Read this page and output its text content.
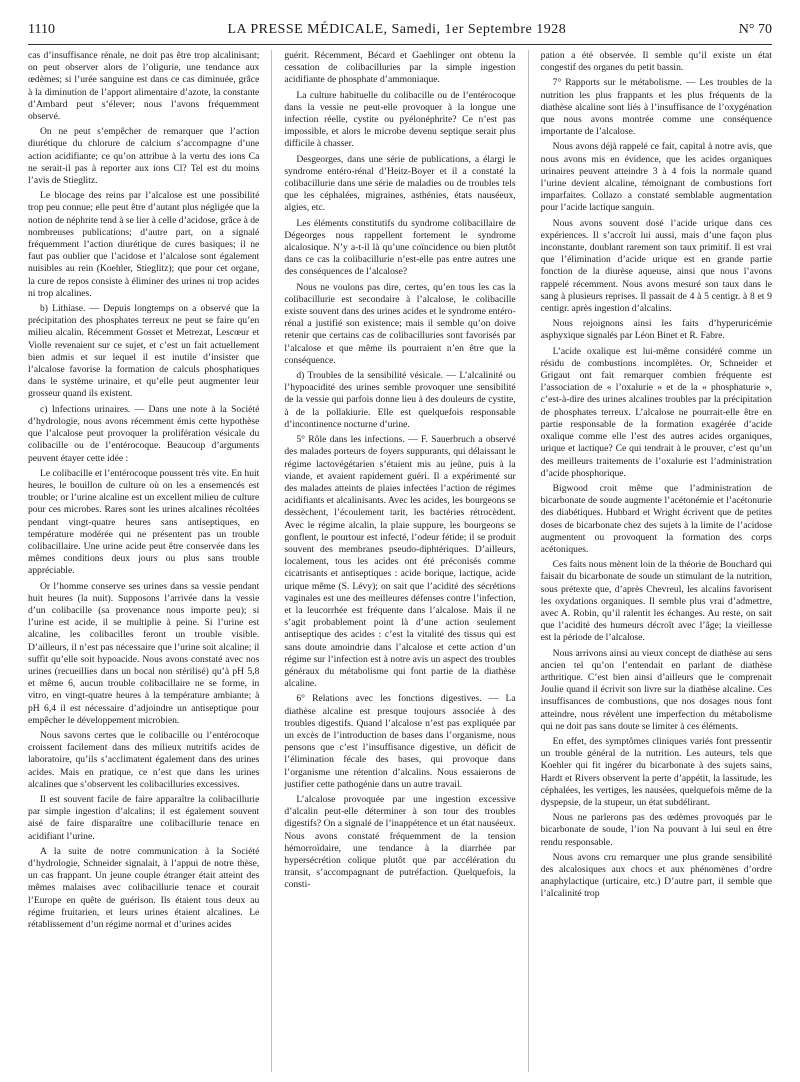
1110	LA PRESSE MÉDICALE, Samedi, 1er Septembre 1928	N° 70

cas d’insuffisance rénale, ne doit pas être trop alcalinisant; on peut observer alors de l’oligurie, une tendance aux œdèmes; si l’urée sanguine est dans ce cas diminuée, grâce à la diminution de l’apport alimentaire d’azote, la constante d’Ambard peut s’élever; nous l’avons fréquemment observé.

On ne peut s’empêcher de remarquer que l’action diurétique du chlorure de calcium s’accompagne d’une action acidifiante; ce qu’on attribue à la vertu des ions Ca ne serait-il pas à reporter aux ions Cl? Tel est du moins l’avis de Stieglitz.

Le blocage des reins par l’alcalose est une possibilité trop peu connue; elle peut être d’autant plus négligée que la notion de néphrite tend à se lier à celle d’acidose, grâce à de nombreuses publications; d’autre part, on a signalé fréquemment l’action diurétique de cures basiques; il ne faut pas oublier que l’acidose et l’alcalose sont également nuisibles au rein (Koehler, Stieglitz); que pour cet organe, la cure de repos consiste à éliminer des urines ni trop acides ni trop alcalines.

b) Lithiase. — Depuis longtemps on a observé que la précipitation des phosphates terreux ne peut se faire qu’en milieu alcalin. Récemment Gosset et Metrezat, Lescœur et Violle revenaient sur ce sujet, et c’est un fait actuellement bien admis et sur lequel il est inutile d’insister que l’alcalose favorise la formation de calculs phosphatiques dans le système urinaire, et qu’elle peut augmenter leur grosseur quand ils existent.

c) Infections urinaires. — Dans une note à la Société d’hydrologie, nous avons récemment émis cette hypothèse que l’alcalose peut provoquer la prolifération vésicale du colibacille ou de l’entérocoque. Beaucoup d’arguments peuvent étayer cette idée :

Le colibacille et l’entérocoque poussent très vite. En huit heures, le bouillon de culture où on les a ensemencés est trouble; or l’urine alcaline est un excellent milieu de culture pour ces microbes. Rares sont les urines alcalines récoltées pendant vingt-quatre heures sans antiseptiques, en température modérée qui ne présentent pas un trouble colibacillaire. Une urine acide peut être conservée dans les mêmes conditions deux jours ou plus sans trouble appréciable.

Or l’homme conserve ses urines dans sa vessie pendant huit heures (la nuit). Supposons l’arrivée dans la vessie d’un colibacille (sa provenance nous importe peu); si l’urine est acide, il se multiplie à peine. Si l’urine est alcaline, les colibacilles feront un trouble visible. D’ailleurs, il n’est pas nécessaire que l’urine soit alcaline; il suffit qu’elle soit hypoacide. Nous avons constaté avec nos urines (recueillies dans un bocal non stérilisé) qu’à pH 5,8 et même 6, aucun trouble colibacillaire ne se forme, in vitro, en vingt-quatre heures à la température ambiante; à pH 6,4 il est nécessaire d’adjoindre un antiseptique pour empêcher le développement microbien.

Nous savons certes que le colibacille ou l’entérocoque croissent facilement dans des milieux nutritifs acides de laboratoire, qu’ils s’acclimatent également dans des urines acides. Mais en pratique, ce n’est que dans les urines alcalines que s’observent les colibacilluries excessives.

Il est souvent facile de faire apparaître la colibacillurie par simple ingestion d’alcalins; il est également souvent aisé de faire disparaître une colibacillurie tenace en acidifiant l’urine.

A la suite de notre communication à la Société d’hydrologie, Schneider signalait, à l’appui de notre thèse, un cas frappant. Un jeune couple étranger était atteint des mêmes malaises avec colibacillurie tenace et courait l’Europe en quête de guérison. Ils étaient tous deux au régime fruitarien, et leurs urines étaient alcalines. Le rétablissement d’un régime normal et d’urines acides

guérit. Récemment, Bécard et Gaehlinger ont obtenu la cessation de colibacilluries par la simple ingestion acidifiante de phosphate d’ammoniaque.

La culture habituelle du colibacille ou de l’entérocoque dans la vessie ne peut-elle provoquer à la longue une infection réelle, cystite ou pyélonéphrite? Ce n’est pas impossible, et alors le microbe devenu septique serait plus difficile à chasser.

Desgeorges, dans une série de publications, a élargi le syndrome entéro-rénal d’Heitz-Boyer et il a constaté la colibacillurie dans une série de maladies ou de troubles tels que les céphalées, migraines, asthénies, états nauséeux, algies, etc.

Les éléments constitutifs du syndrome colibacillaire de Dégeorges nous rappellent fortement le syndrome alcalosique. N’y a-t-il là qu’une coïncidence ou bien plutôt dans ce cas la colibacillurie n’est-elle pas entre autres une des conséquences de l’alcalose?

Nous ne voulons pas dire, certes, qu’en tous les cas la colibacillurie est secondaire à l’alcalose, le colibacille existe souvent dans des urines acides et le syndrome entéro-rénal a justifié son existence; mais il semble qu’on doive retenir que certains cas de colibacilluries sont favorisés par l’alcalose et que même ils pourraient n’en être que la conséquence.

d) Troubles de la sensibilité vésicale. — L’alcalinité ou l’hypoacidité des urines semble provoquer une sensibilité de la vessie qui parfois donne lieu à des douleurs de cystite, à de la pollakiurie. Elle est quelquefois responsable d’incontinence nocturne d’urine.

5° Rôle dans les infections. — F. Sauerbruch a observé des malades porteurs de foyers suppurants, qui délaissant le régime lactovégétarien s’étaient mis au jeûne, puis à la viande, et avaient rapidement guéri. Il a expérimenté sur des malades atteints de plaies infectées l’action de régimes acidifiants et alcalinisants. Avec les acides, les bourgeons se dessèchent, l’écoulement tarit, les bactéries rétrocèdent. Avec le régime alcalin, la plaie suppure, les bourgeons se gonflent, le pourtour est infecté, l’odeur fétide; il se produit souvent des membranes pseudo-diphtériques. D’ailleurs, localement, tous les acides ont été préconisés comme cicatrisants et antiseptiques : acide borique, lactique, acide urique même (S. Lévy); on sait que l’acidité des sécrétions vaginales est une des meilleures défenses contre l’infection, et la leucorrhée est fréquente dans l’alcalose. Mais il ne s’agit probablement point là d’une action seulement antiseptique des acides : c’est la vitalité des tissus qui est sans doute amoindrie dans l’alcalose et cette action d’un régime sur l’infection est à notre avis un aspect des troubles généraux du métabolisme qui font partie de la diathèse alcaline.

6° Relations avec les fonctions digestives. — La diathèse alcaline est presque toujours associée à des troubles digestifs. Quand l’alcalose n’est pas expliquée par un excès de l’introduction de bases dans l’organisme, nous pensons que c’est l’insuffisance digestive, un déficit de l’élimination fécale des bases, qui provoque dans l’organisme une rétention d’alcalins. Nous essaierons de justifier cette pathogénie dans un autre travail.

L’alcalose provoquée par une ingestion excessive d’alcalin peut-elle déterminer à son tour des troubles digestifs? On a signalé de l’inappétence et un état nauséeux. Nous avons constaté fréquemment de la tension hémorroïdaire, une tendance à la diarrhée par hypersécrétion colique plutôt que par accélération du transit, s’accompagnant de putréfaction. Quelquefois, la consti-

pation a été observée. Il semble qu’il existe un état congestif des organes du petit bassin.

7° Rapports sur le métabolisme. — Les troubles de la nutrition les plus frappants et les plus fréquents de la diathèse alcaline sont liés à l’insuffisance de l’oxygénation que nous avons montrée comme une conséquence importante de l’alcalose.

Nous avons déjà rappelé ce fait, capital à notre avis, que nous avons mis en évidence, que les acides organiques urinaires peuvent atteindre 3 à 4 fois la normale quand l’urine devient alcaline, témoignant de combustions fort imparfaites. Collazo a constaté semblable augmentation pour l’acide lactique sanguin.

Nous avons souvent dosé l’acide urique dans ces expériences. Il s’accroît lui aussi, mais d’une façon plus inconstante, doublant rarement son taux primitif. Il est vrai que l’élimination d’acide urique est en grande partie fonction de la diurèse aqueuse, ainsi que nous l’avons rappelé récemment. Nous avons mesuré son taux dans le sang à plusieurs reprises. Il passait de 4 à 5 centigr. à 8 et 9 centigr. après ingestion d’alcalins.

Nous rejoignons ainsi les faits d’hyperuricémie asphyxique signalés par Léon Binet et R. Fabre.

L’acide oxalique est lui-même considéré comme un résidu de combustions incomplètes. Or, Schneider et Grigaut ont fait remarquer combien fréquente est l’association de « l’oxalurie » et de la « phosphaturie », c’est-à-dire des urines alcalines troubles par la précipitation de phosphates terreux. L’alcalose ne pourrait-elle être en partie responsable de la formation exagérée d’acide oxalique comme elle l’est des autres acides organiques, urique et lactique? Ce qui tendrait à le prouver, c’est qu’un des meilleurs traitements de l’oxalurie est l’administration d’acide phosphorique.

Bigwood croit même que l’administration de bicarbonate de soude augmente l’acétonémie et l’acétonurie des diabétiques. Hubbard et Wright écrivent que de petites doses de bicarbonate chez des sujets à la limite de l’acidose augmentent ou provoquent la formation des corps acétoniques.

Ces faits nous mènent loin de la théorie de Bouchard qui faisait du bicarbonate de soude un stimulant de la nutrition, sous prétexte que, d’après Chevreul, les alcalins favorisent les oxydations organiques. Il semble plus vrai d’admettre, avec A. Robin, qu’il ralentit les échanges. Au reste, on sait que l’acidité des humeurs décroît avec l’âge; la vieillesse est la période de l’alcalose.

Nous arrivons ainsi au vieux concept de diathèse au sens ancien tel qu’on l’entendait en parlant de diathèse arthritique. C’est bien ainsi d’ailleurs que le comprenait Joulie quand il écrivit son livre sur la diathèse alcaline. Ces insuffisances de combustions, que nos dosages nous font atteindre, nous révèlent une imperfection du métabolisme qui ne doit pas sans doute se limiter à ces éléments.

En effet, des symptômes cliniques variés font pressentir un trouble général de la nutrition. Les auteurs, tels que Koehler qui fit ingérer du bicarbonate à des sujets sains, Hardt et Rivers observent la perte d’appétit, la lassitude, les céphalées, les vertiges, les nausées, quelquefois même de la dyspepsie, de la stupeur, un état subdélirant.

Nous ne parlerons pas des œdèmes provoqués par le bicarbonate de soude, l’ion Na pouvant à lui seul en être rendu responsable.

Nous avons cru remarquer une plus grande sensibilité des alcalosiques aux chocs et aux phénomènes d’ordre anaphylactique (urticaire, etc.) D’autre part, il semble que l’alcalinité trop
